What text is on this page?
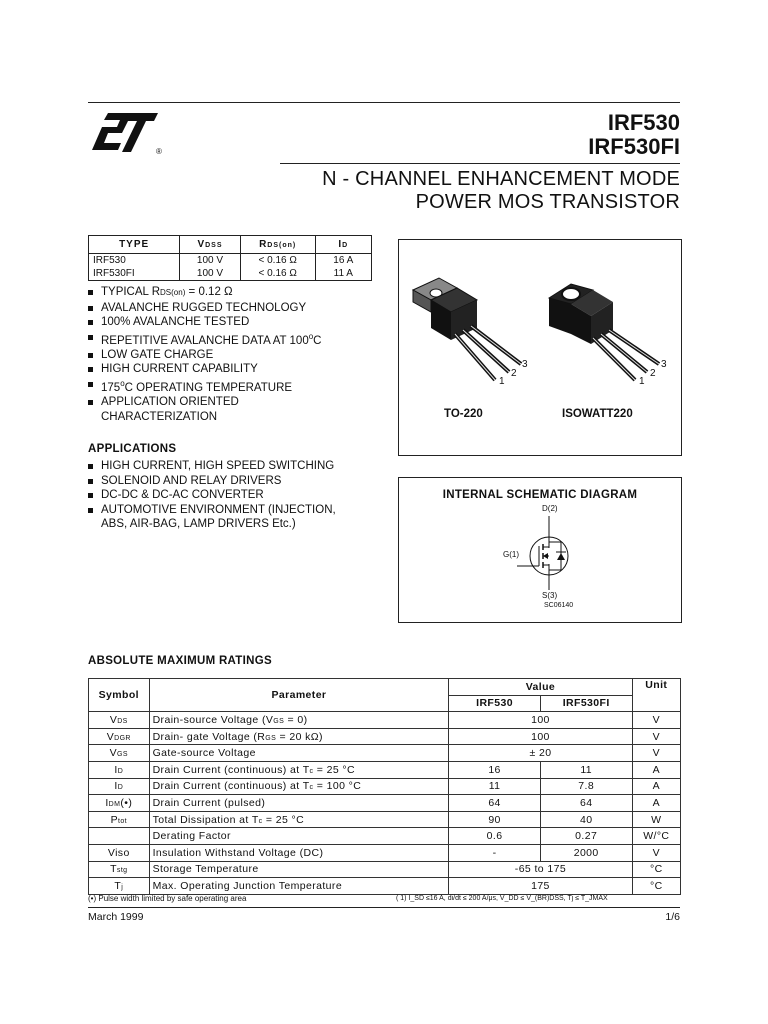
®
IRF530
IRF530FI
N - CHANNEL ENHANCEMENT MODE
POWER MOS TRANSISTOR
TYPE	VDSS	RDS(on)	ID
IRF530	100 V	< 0.16 Ω	16 A
IRF530FI	100 V	< 0.16 Ω	11 A
TYPICAL RDS(on) = 0.12 Ω
AVALANCHE RUGGED TECHNOLOGY
100% AVALANCHE TESTED
REPETITIVE AVALANCHE DATA AT 100$^o$C
LOW GATE CHARGE
HIGH CURRENT CAPABILITY
175$^o$C OPERATING TEMPERATURE
APPLICATION ORIENTED
CHARACTERIZATION
APPLICATIONS
HIGH CURRENT, HIGH SPEED SWITCHING
SOLENOID AND RELAY DRIVERS
DC-DC & DC-AC CONVERTER
AUTOMOTIVE ENVIRONMENT (INJECTION,
ABS, AIR-BAG, LAMP DRIVERS Etc.)
1
2
3
1
2
3
TO-220	ISOWATT220
INTERNAL SCHEMATIC DIAGRAM
D(2)
G(1)
S(3)
SC06140
ABSOLUTE MAXIMUM RATINGS
Symbol	Parameter	Value		Unit
		IRF530	IRF530FI	
VDS	Drain-source Voltage (VGS = 0)	100		V
VDGR	Drain- gate Voltage (RGS = 20 kΩ)	100		V
VGS	Gate-source Voltage	± 20		V
ID	Drain Current (continuous) at Tc = 25 °C	16	11	A
ID	Drain Current (continuous) at Tc = 100 °C	11	7.8	A
IDM(•)	Drain Current (pulsed)	64	64	A
Ptot	Total Dissipation at Tc = 25 °C	90	40	W
	Derating Factor	0.6	0.27	W/°C
Viso	Insulation Withstand Voltage (DC)	-	2000	V
Tstg	Storage Temperature	-65 to 175		°C
Tj	Max. Operating Junction Temperature	175		°C
(•) Pulse width limited by safe operating area	( 1) I_SD ≤16 A, di/dt ≤ 200 A/μs, V_DD ≤ V_(BR)DSS, Tj ≤ T_JMAX
March 1999	1/6
